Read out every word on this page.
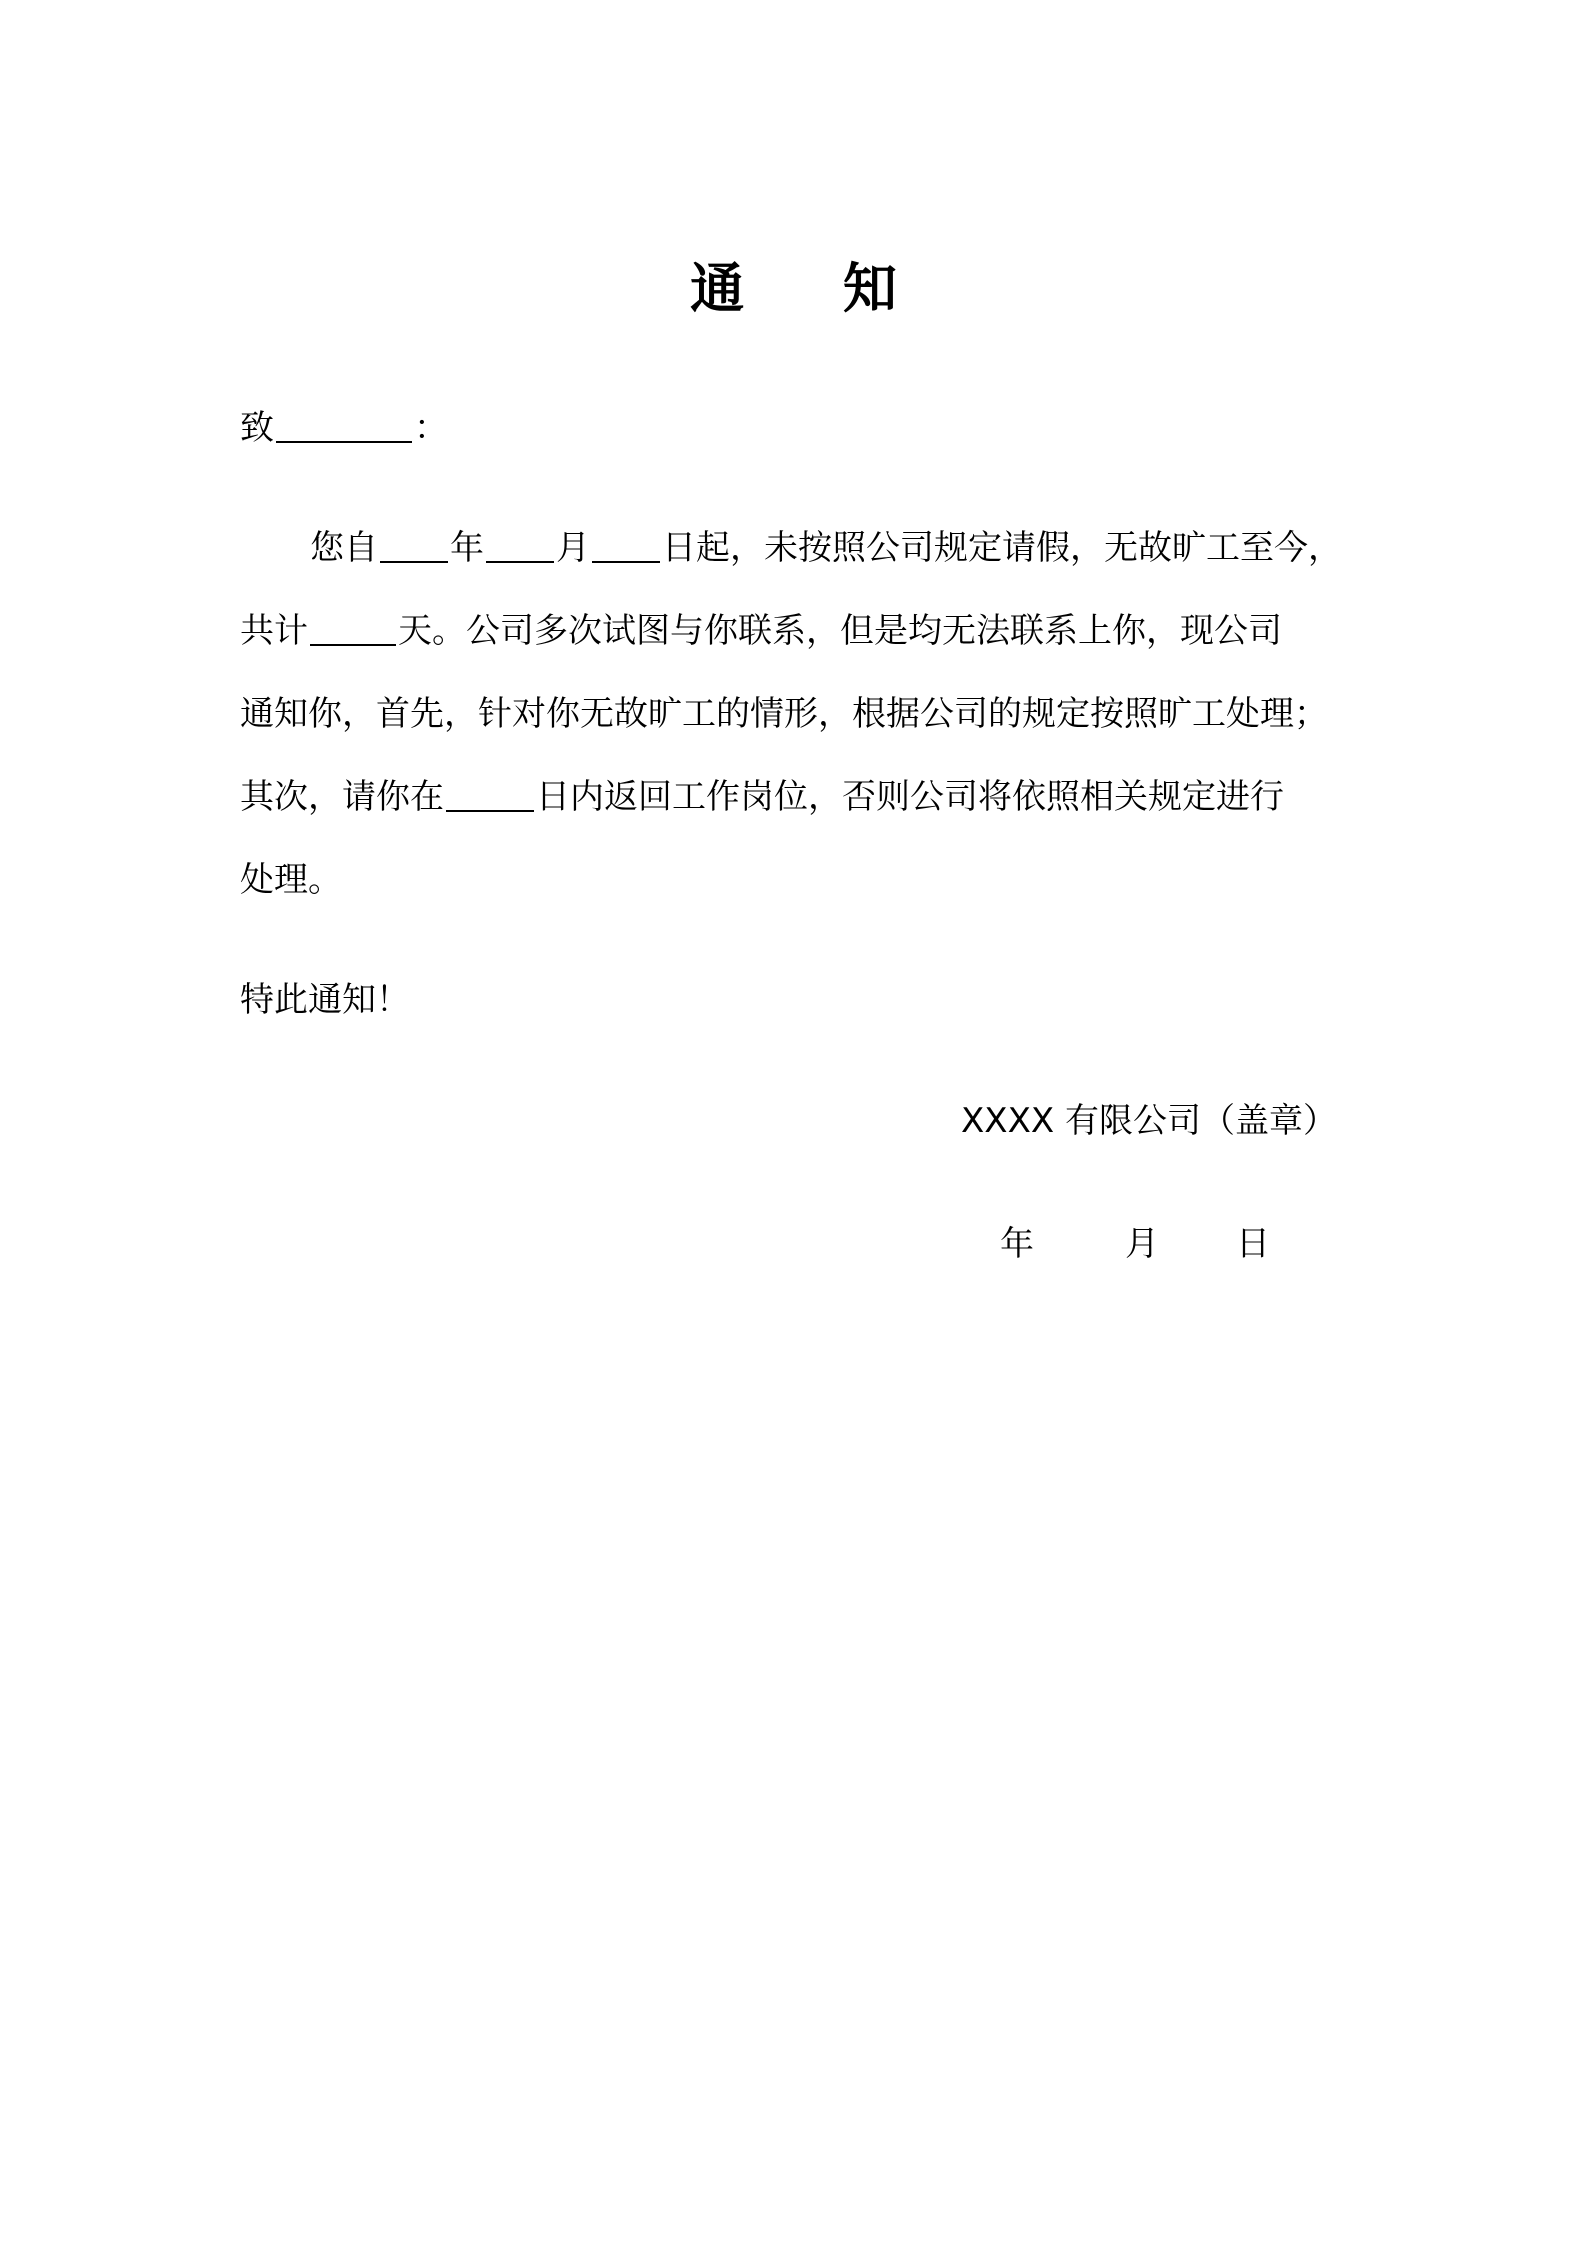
通 知
致	：
您自 年 月 日起，未按照公司规定请假，无故旷工至今，
共计	天。公司多次试图与你联系，但是均无法联系上你，现公司
通知你，首先，针对你无故旷工的情形，根据公司的规定按照旷工处理；
其次，请你在	日内返回工作岗位，否则公司将依照相关规定进行
处理。
特此通知！
XXXX 有限公司（盖章）
年	月 日
